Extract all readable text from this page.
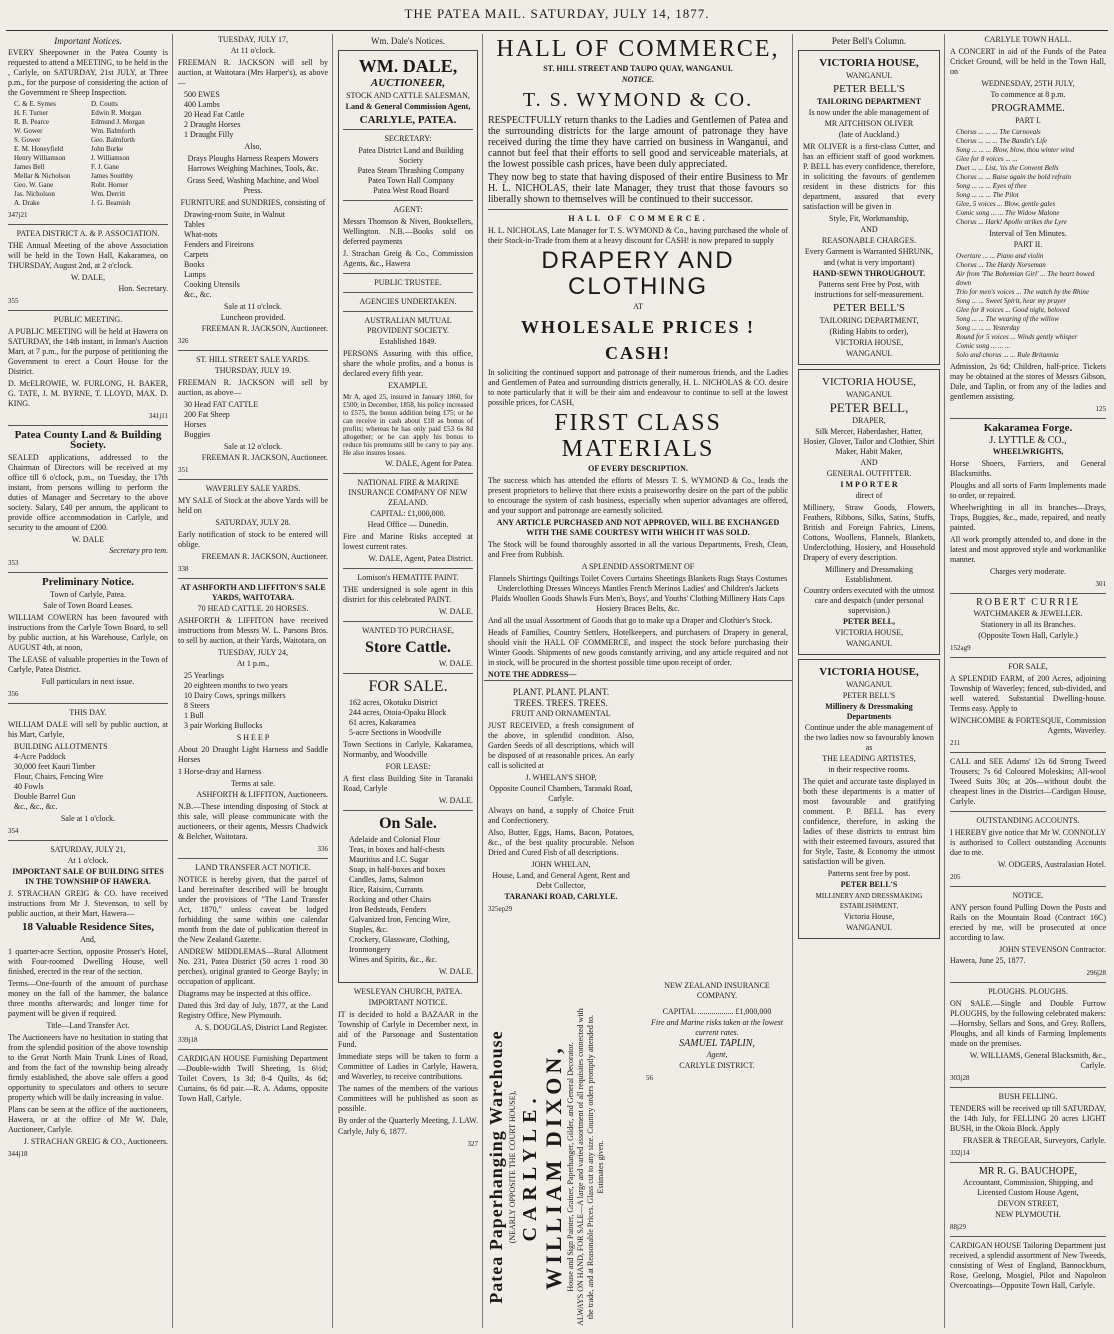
THE PATEA MAIL. SATURDAY, JULY 14, 1877.
Important Notices.
EVERY Sheepowner in the Patea County is requested to attend a MEETING, to be held in the , Carlyle, on SATURDAY, 21st JULY, at Three p.m., for the purpose of considering the action of the Government re Sheep Inspection.
C. & E. Symes	D. Coutts
H. F. Turner	Edwin R. Morgan
R. B. Pearce	Edmund J. Morgan
W. Gower	Wm. Balmforth
S. Gower	Geo. Balmforth
E. M. Honeyfield	John Burke
Henry Williamson	J. Williamson
James Bell	F. J. Gane
Mellar & Nicholson	James Southby
Geo. W. Gane	Robt. Horner
Jas. Nicholson	Wm. Derritt
A. Drake	J. G. Beamish
347j21
PATEA DISTRICT A. & P. ASSOCIATION.
THE Annual Meeting of the above Association will be held in the Town Hall, Kakaramea, on THURSDAY, August 2nd, at 2 o'clock.
W. DALE,
Hon. Secretary.
355
PUBLIC MEETING.
A PUBLIC MEETING will be held at Hawera on SATURDAY, the 14th instant, in Inman's Auction Mart, at 7 p.m., for the purpose of petitioning the Government to erect a Court House for the District.
D. McELROWIE, W. FURLONG, H. BAKER, G. TATE, J. M. BYRNE, T. LLOYD, MAX. D. KING.
341j11
Patea County Land & Building Society.
SEALED applications, addressed to the Chairman of Directors will be received at my office till 6 o'clock, p.m., on Tuesday, the 17th instant, from persons willing to perform the duties of Manager and Secretary to the above society. Salary, £40 per annum, the applicant to provide office accommodation in Carlyle, and security to the amount of £200.
W. DALE
Secretary pro tem.
353
Preliminary Notice.
Town of Carlyle, Patea.
Sale of Town Board Leases.
WILLIAM COWERN has been favoured with instructions from the Carlyle Town Board, to sell by public auction, at his Warehouse, Carlyle, on AUGUST 4th, at noon,
The LEASE of valuable properties in the Town of Carlyle, Patea District.
Full particulars in next issue.
356
THIS DAY.
WILLIAM DALE will sell by public auction, at his Mart, Carlyle,
BUILDING ALLOTMENTS
4-Acre Paddock
30,000 feet Kauri Timber
Flour, Chairs, Fencing Wire
40 Fowls
Double Barrel Gun
&c., &c., &c.
Sale at 1 o'clock.
354
SATURDAY, JULY 21,
At 1 o'clock.
IMPORTANT SALE OF BUILDING SITES IN THE TOWNSHIP OF HAWERA.
J. STRACHAN GREIG & CO. have received instructions from Mr J. Stevenson, to sell by public auction, at their Mart, Hawera—
18 Valuable Residence Sites,
And,
1 quarter-acre Section, opposite Prosser's Hotel, with Four-roomed Dwelling House, well finished, erected in the rear of the section.
Terms—One-fourth of the amount of purchase money on the fall of the hammer, the balance three months afterwards; and longer time for payment will be given if required.
Title—Land Transfer Act.
The Auctioneers have no hesitation in stating that from the splendid position of the above township to the Great North Main Trunk Lines of Road, and from the fact of the township being already firmly established, the above sale offers a good opportunity to speculators and others to secure property which will be daily increasing in value.
Plans can be seen at the office of the auctioneers, Hawera, or at the office of Mr W. Dale, Auctioneer, Carlyle.
J. STRACHAN GREIG & CO., Auctioneers.
344j18
TUESDAY, JULY 17,
At 11 o'clock.
FREEMAN R. JACKSON will sell by auction, at Waitotara (Mrs Harper's), as above—
500 EWES
400 Lambs
20 Head Fat Cattle
2 Draught Horses
1 Draught Filly
Also,
Drays Ploughs Harness Reapers Mowers Harrows Weighing Machines, Tools, &c.
Grass Seed, Washing Machine, and Wool Press.
FURNITURE and SUNDRIES, consisting of
Drawing-room Suite, in Walnut
Tables
What-nots
Fenders and Fireirons
Carpets
Books
Lamps
Cooking Utensils
&c., &c.
Sale at 11 o'clock.
Luncheon provided.
FREEMAN R. JACKSON, Auctioneer.
326
ST. HILL STREET SALE YARDS.
THURSDAY, JULY 19.
FREEMAN R. JACKSON will sell by auction, as above—
30 Head FAT CATTLE
200 Fat Sheep
Horses
Buggies
Sale at 12 o'clock.
FREEMAN R. JACKSON, Auctioneer.
351
WAVERLEY SALE YARDS.
MY SALE of Stock at the above Yards will be held on
SATURDAY, JULY 28.
Early notification of stock to be entered will oblige.
FREEMAN R. JACKSON, Auctioneer.
338
AT ASHFORTH AND LIFFITON'S SALE YARDS, WAITOTARA.
70 HEAD CATTLE. 20 HORSES.
ASHFORTH & LIFFITON have received instructions from Messrs W. L. Parsons Bros. to sell by auction, at their Yards, Waitotara, on
TUESDAY, JULY 24,
At 1 p.m.,
25 Yearlings
20 eighteen months to two years
10 Dairy Cows, springs milkers
8 Steers
1 Bull
3 pair Working Bullocks
S H E E P
About 20 Draught Light Harness and Saddle Horses
1 Horse-dray and Harness
Terms at sale.
ASHFORTH & LIFFITON, Auctioneers.
N.B.—These intending disposing of Stock at this sale, will please communicate with the auctioneers, or their agents, Messrs Chadwick & Belcher, Waitotara.
336
LAND TRANSFER ACT NOTICE.
NOTICE is hereby given, that the parcel of Land hereinafter described will be brought under the provisions of "The Land Transfer Act, 1870," unless caveat be lodged forbidding the same within one calendar month from the date of publication thereof in the New Zealand Gazette.
ANDREW MIDDLEMAS—Rural Allotment No. 231, Patea District (50 acres 1 rood 30 perches), original granted to George Bayly; in occupation of applicant.
Diagrams may be inspected at this office.
Dated this 3rd day of July, 1877, at the Land Registry Office, New Plymouth.
A. S. DOUGLAS, District Land Register.
339j18
CARDIGAN HOUSE Furnishing Department—Double-width Twill Sheeting, 1s 6½d; Toilet Covers, 1s 3d; 8-4 Quilts, 4s 6d; Curtains, 6s 6d pair.—R. A. Adams, opposite Town Hall, Carlyle.
Wm. Dale's Notices.
WM. DALE,
AUCTIONEER,
STOCK AND CATTLE SALESMAN,
Land & General Commission Agent,
CARLYLE, PATEA.
SECRETARY:
Patea District Land and Building Society
Patea Steam Thrashing Company
Patea Town Hall Company
Patea West Road Board
AGENT:
Messrs Thomson & Niven, Booksellers, Wellington. N.B.—Books sold on deferred payments
J. Strachan Greig & Co., Commission Agents, &c., Hawera
PUBLIC TRUSTEE.
AGENCIES UNDERTAKEN.
AUSTRALIAN MUTUAL PROVIDENT SOCIETY.
Established 1849.
PERSONS Assuring with this office, share the whole profits, and a bonus is declared every fifth year.
EXAMPLE.
Mr A, aged 25, insured in January 1860, for £500; in December, 1858, his policy increased to £575, the bonus addition being £75; or he can receive in cash about £18 as bonus of profits; whereas he has only paid £53 6s 8d altogether; or he can apply his bonus to reduce his premiums still be carry to pay any. He also insures losses.
W. DALE, Agent for Patea.
NATIONAL FIRE & MARINE INSURANCE COMPANY OF NEW ZEALAND.
CAPITAL: £1,000,000.
Head Office — Dunedin.
Fire and Marine Risks accepted at lowest current rates.
W. DALE, Agent, Patea District.
Lomison's HEMATITE PAINT.
THE undersigned is sole agent in this district for this celebrated PAINT.
W. DALE.
WANTED TO PURCHASE,
Store Cattle.
W. DALE.
FOR SALE.
162 acres, Okotuku District
244 acres, Otoia-Opaku Block
61 acres, Kakaramea
5-acre Sections in Woodville
Town Sections in Carlyle, Kakaramea, Normanby, and Woodville
FOR LEASE:
A first class Building Site in Taranaki Road, Carlyle
W. DALE.
On Sale.
Adelaide and Colonial Flour
Teas, in boxes and half-chests
Mauritius and I.C. Sugar
Soap, in half-boxes and boxes
Candles, Jams, Salmon
Rice, Raisins, Currants
Rocking and other Chairs
Iron Bedsteads, Fenders
Galvanized Iron, Fencing Wire, Staples, &c.
Crockery, Glassware, Clothing, Ironmongery
Wines and Spirits, &c., &c.
W. DALE.
WESLEYAN CHURCH, PATEA.
IMPORTANT NOTICE.
IT is decided to hold a BAZAAR in the Township of Carlyle in December next, in aid of the Parsonage and Sustentation Fund.
Immediate steps will be taken to form a Committee of Ladies in Carlyle, Hawera, and Waverley, to receive contributions.
The names of the members of the various Committees will be published as soon as possible.
By order of the Quarterly Meeting, J. LAW.
Carlyle, July 6, 1877.
327
HALL OF COMMERCE,
ST. HILL STREET AND TAUPO QUAY, WANGANUI.
NOTICE.
T. S. WYMOND & CO.
RESPECTFULLY return thanks to the Ladies and Gentlemen of Patea and the surrounding districts for the large amount of patronage they have received during the time they have carried on business in Wanganui, and cannot but feel that their efforts to sell good and serviceable materials, at the lowest possible cash prices, have been duly appreciated.
They now beg to state that having disposed of their entire Business to Mr H. L. NICHOLAS, their late Manager, they trust that those favours so liberally shown to themselves will be continued to their successor.
HALL OF COMMERCE.
H. L. NICHOLAS, Late Manager for T. S. WYMOND & Co., having purchased the whole of their Stock-in-Trade from them at a heavy discount for CASH! is now prepared to supply
DRAPERY AND CLOTHING
AT
WHOLESALE PRICES ! CASH!
In soliciting the continued support and patronage of their numerous friends, and the Ladies and Gentlemen of Patea and surrounding districts generally, H. L. NICHOLAS & CO. desire to note particularly that it will be their aim and endeavour to continue to sell at the lowest possible prices, for CASH,
FIRST CLASS MATERIALS
OF EVERY DESCRIPTION.
The success which has attended the efforts of Messrs T. S. WYMOND & Co., leads the present proprietors to believe that there exists a praiseworthy desire on the part of the public to encourage the system of cash business, especially when superior advantages are offered, and your support and patronage are earnestly solicited.
ANY ARTICLE PURCHASED AND NOT APPROVED, WILL BE EXCHANGED WITH THE SAME COURTESY WITH WHICH IT WAS SOLD.
The Stock will be found thoroughly assorted in all the various Departments, Fresh, Clean, and Free from Rubbish.
A SPLENDID ASSORTMENT OF
Flannels Shirtings Quiltings Toilet Covers Curtains Sheetings Blankets Rugs Stays Costumes Underclothing Dresses Winceys Mantles French Merinos Ladies' and Children's Jackets Plaids Woollen Goods Shawls Furs Men's, Boys', and Youths' Clothing Millinery Hats Caps Hosiery Braces Belts, &c.
And all the usual Assortment of Goods that go to make up a Draper and Clothier's Stock.
Heads of Families, Country Settlers, Hotelkeepers, and purchasers of Drapery in general, should visit the HALL OF COMMERCE, and inspect the stock before purchasing their Winter Goods. Shipments of new goods constantly arriving, and any article required and not in stock, will be procured in the shortest possible time upon receipt of order.
NOTE THE ADDRESS—
PLANT. PLANT. PLANT.
TREES. TREES. TREES.
FRUIT AND ORNAMENTAL
JUST RECEIVED, a fresh consignment of the above, in splendid condition. Also, Garden Seeds of all descriptions, which will be disposed of at reasonable prices. An early call is solicited at
J. WHELAN'S SHOP,
Opposite Council Chambers, Taranaki Road, Carlyle.
Always on hand, a supply of Choice Fruit and Confectionery.
Also, Butter, Eggs, Hams, Bacon, Potatoes, &c., of the best quality procurable. Nelson Dried and Cured Fish of all descriptions.
JOHN WHELAN,
House, Land, and General Agent, Rent and Debt Collector,
TARANAKI ROAD, CARLYLE.
325ep29
Patea Paperhanging Warehouse (NEARLY OPPOSITE THE COURT HOUSE), CARLYLE. WILLIAM DIXON, House and Sign Painter, Grainer, Paperhanger, Gilder, and General Decorator. ALWAYS ON HAND, FOR SALE—A large and varied assortment of all requisites connected with the trade, and at Reasonable Prices. Glass cut to any size. Country orders promptly attended to. Estimates given.
NEW ZEALAND INSURANCE COMPANY.
CAPITAL .................. £1,000,000
Fire and Marine risks taken at the lowest current rates.
SAMUEL TAPLIN,
Agent,
CARLYLE DISTRICT.
56
Peter Bell's Column.
VICTORIA HOUSE,
WANGANUI.
PETER BELL'S
TAILORING DEPARTMENT
Is now under the able management of
MR AITCHISON OLIVER
(late of Auckland.)
MR OLIVER is a first-class Cutter, and has an efficient staff of good workmen. P. BELL has every confidence, therefore, in soliciting the favours of gentlemen resident in these districts for this department, assured that every satisfaction will be given in
Style, Fit, Workmanship,
AND
REASONABLE CHARGES.
Every Garment is Warranted SHRUNK,
and (what is very important)
HAND-SEWN THROUGHOUT.
Patterns sent Free by Post, with instructions for self-measurement.
PETER BELL'S
TAILORING DEPARTMENT,
(Riding Habits to order),
VICTORIA HOUSE,
WANGANUI.
VICTORIA HOUSE,
WANGANUI.
PETER BELL,
DRAPER,
Silk Mercer, Haberdasher, Hatter, Hosier, Glover, Tailor and Clothier, Shirt Maker, Habit Maker,
AND
GENERAL OUTFITTER.
I M P O R T E R
direct of
Millinery, Straw Goods, Flowers, Feathers, Ribbons, Silks, Satins, Stuffs, British and Foreign Fabrics, Linens, Cottons, Woollens, Flannels, Blankets, Underclothing, Hosiery, and Household Drapery of every description.
Millinery and Dressmaking Establishment.
Country orders executed with the utmost care and despatch (under personal supervision.)
PETER BELL,
VICTORIA HOUSE,
WANGANUI.
VICTORIA HOUSE,
WANGANUI.
PETER BELL'S
Millinery & Dressmaking Departments
Continue under the able management of the two ladies now so favourably known as
THE LEADING ARTISTES,
in their respective rooms.
The quiet and accurate taste displayed in both these departments is a matter of most favourable and gratifying comment. P. BELL has every confidence, therefore, in asking the ladies of these districts to entrust him with their esteemed favours, assured that for Style, Taste, & Economy the utmost satisfaction will be given.
Patterns sent free by post.
PETER BELL'S
MILLINERY AND DRESSMAKING ESTABLISHMENT,
Victoria House,
WANGANUI.
CARLYLE TOWN HALL.
A CONCERT in aid of the Funds of the Patea Cricket Ground, will be held in the Town Hall, on
WEDNESDAY, 25TH JULY,
To commence at 8 p.m.
PROGRAMME.
PART I.
Chorus ... ... ... The Carnovals
Chorus ... ... ... The Bandit's Life
Song ... ... ... Blow, blow, thou winter wind
Glee for 8 voices ... ...
Duet ... ... List, 'tis the Convent Bells
Chorus ... ... Raise again the bold refrain
Song ... ... ... Eyes of thee
Song ... ... ... The Pilot
Glee, 5 voices ... Blow, gentle gales
Comic song ... ... The Widow Malone
Chorus ... Hark! Apollo strikes the Lyre
Interval of Ten Minutes.
PART II.
Overture ... ... Piano and violin
Chorus ... The Hardy Norseman
Air from 'The Bohemian Girl' ... The heart bowed down
Trio for men's voices ... The watch by the Rhine
Song ... ... Sweet Spirit, hear my prayer
Glee for 8 voices ... Good night, beloved
Song ... ... The wearing of the willow
Song ... ... ... Yesterday
Round for 5 voices ... Winds gently whisper
Comic song ... ... ...
Solo and chorus ... ... Rule Britannia
Admission, 2s 6d; Children, half-price. Tickets may be obtained at the stores of Messrs Gibson, Dale, and Taplin, or from any of the ladies and gentlemen assisting.
125
Kakaramea Forge.
J. LYTTLE & CO.,
WHEELWRIGHTS,
Horse Shoers, Farriers, and General Blacksmiths.
Ploughs and all sorts of Farm Implements made to order, or repaired.
Wheelwrighting in all its branches—Drays, Traps, Buggies, &c., made, repaired, and neatly painted.
All work promptly attended to, and done in the latest and most approved style and workmanlike manner.
Charges very moderate.
301
ROBERT CURRIE
WATCHMAKER & JEWELLER.
Stationery in all its Branches.
(Opposite Town Hall, Carlyle.)
152ag9
FOR SALE,
A SPLENDID FARM, of 200 Acres, adjoining Township of Waverley; fenced, sub-divided, and well watered. Substantial Dwelling-house. Terms easy. Apply to
WINCHCOMBE & FORTESQUE, Commission Agents, Waverley.
211
CALL and SEE Adams' 12s 6d Strong Tweed Trousers; 7s 6d Coloured Moleskins; All-wool Tweed Suits 30s; at 20s—without doubt the cheapest lines in the District—Cardigan House, Carlyle.
OUTSTANDING ACCOUNTS.
I HEREBY give notice that Mr W. CONNOLLY is authorised to Collect outstanding Accounts due to me.
W. ODGERS, Australasian Hotel.
205
NOTICE.
ANY person found Pulling Down the Posts and Rails on the Mountain Road (Contract 16C) erected by me, will be prosecuted at once according to law.
JOHN STEVENSON Contractor.
Hawera, June 25, 1877.
296j28
PLOUGHS. PLOUGHS.
ON SALE.—Single and Double Furrow PLOUGHS, by the following celebrated makers:—Hornsby, Sellars and Sons, and Grey. Rollers, Ploughs, and all kinds of Farming Implements made on the premises.
W. WILLIAMS, General Blacksmith, &c., Carlyle.
303j28
BUSH FELLING.
TENDERS will be received up till SATURDAY, the 14th July, for FELLING 20 acres LIGHT BUSH, in the Okoia Block. Apply
FRASER & TREGEAR, Surveyors, Carlyle.
332j14
MR R. G. BAUCHOPE,
Accountant, Commission, Shipping, and Licensed Custom House Agent,
DEVON STREET,
NEW PLYMOUTH.
88j29
CARDIGAN HOUSE Tailoring Department just received, a splendid assortment of New Tweeds, consisting of West of England, Bannockburn, Rose, Geelong, Mosgiel, Pilot and Napoleon Overcoatings—Opposite Town Hall, Carlyle.
